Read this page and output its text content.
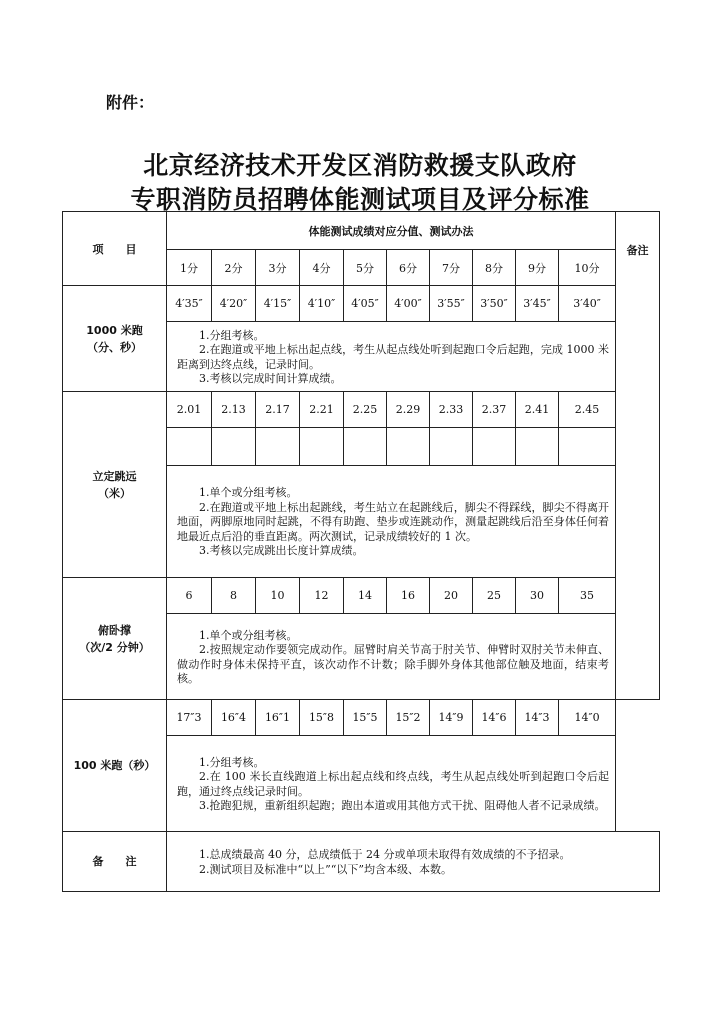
附件：
北京经济技术开发区消防救援支队政府
专职消防员招聘体能测试项目及评分标准
项　　目	体能测试成绩对应分值、测试办法										备注
	1分	2分	3分	4分	5分	6分	7分	8分	9分	10分	

1000 米跑
（分、秒）	4′35″	4′20″	4′15″	4′10″	4′05″	4′00″	3′55″	3′50″	3′45″	3′40″	

	1.分组考核。

2.在跑道或平地上标出起点线，考生从起点线处听到起跑口令后起跑，完成 1000 米距离到达终点线，记录时间。

3.考核以完成时间计算成绩。										

立定跳远
（米）	2.01	2.13	2.17	2.21	2.25	2.29	2.33	2.37	2.41	2.45	

	1.单个或分组考核。

2.在跑道或平地上标出起跳线，考生站立在起跳线后，脚尖不得踩线，脚尖不得离开地面，两脚原地同时起跳，不得有助跑、垫步或连跳动作，测量起跳线后沿至身体任何着地最近点后沿的垂直距离。两次测试，记录成绩较好的 1 次。

3.考核以完成跳出长度计算成绩。										

俯卧撑
（次/2 分钟）	6	8	10	12	14	16	20	25	30	35	

	1.单个或分组考核。

2.按照规定动作要领完成动作。屈臂时肩关节高于肘关节、伸臂时双肘关节未伸直、做动作时身体未保持平直，该次动作不计数；除手脚外身体其他部位触及地面，结束考核。										

100 米跑（秒）	17″3	16″4	16″1	15″8	15″5	15″2	14″9	14″6	14″3	14″0	

	1.分组考核。

2.在 100 米长直线跑道上标出起点线和终点线，考生从起点线处听到起跑口令后起跑，通过终点线记录时间。

3.抢跑犯规，重新组织起跑；跑出本道或用其他方式干扰、阻碍他人者不记录成绩。										

备　　注	1.总成绩最高 40 分，总成绩低于 24 分或单项未取得有效成绩的不予招录。

2.测试项目及标准中“以上”“以下”均含本级、本数。										
